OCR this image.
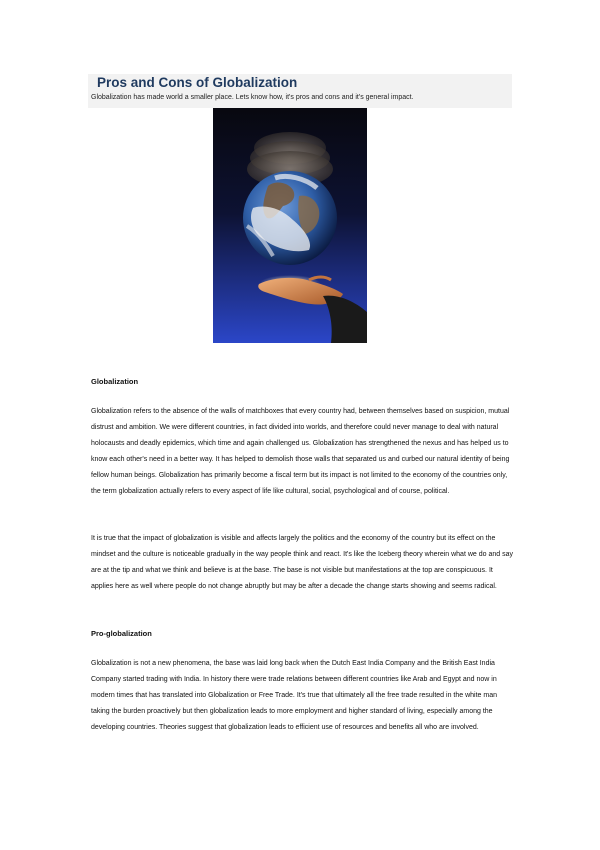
Pros and Cons of Globalization

Globalization has made world a smaller place. Lets know how, it's pros and cons and it's general impact.

Globalization

Globalization refers to the absence of the walls of matchboxes that every country had, between themselves based on suspicion, mutual distrust and ambition. We were different countries, in fact divided into worlds, and therefore could never manage to deal with natural holocausts and deadly epidemics, which time and again challenged us. Globalization has strengthened the nexus and has helped us to know each other's need in a better way. It has helped to demolish those walls that separated us and curbed our natural identity of being fellow human beings. Globalization has primarily become a fiscal term but its impact is not limited to the economy of the countries only, the term globalization actually refers to every aspect of life like cultural, social, psychological and of course, political.

It is true that the impact of globalization is visible and affects largely the politics and the economy of the country but its effect on the mindset and the culture is noticeable gradually in the way people think and react. It's like the Iceberg theory wherein what we do and say are at the tip and what we think and believe is at the base. The base is not visible but manifestations at the top are conspicuous. It applies here as well where people do not change abruptly but may be after a decade the change starts showing and seems radical.

Pro-globalization

Globalization is not a new phenomena, the base was laid long back when the Dutch East India Company and the British East India Company started trading with India. In history there were trade relations between different countries like Arab and Egypt and now in modern times that has translated into Globalization or Free Trade. It's true that ultimately all the free trade resulted in the white man taking the burden proactively but then globalization leads to more employment and higher standard of living, especially among the developing countries. Theories suggest that globalization leads to efficient use of resources and benefits all who are involved.
